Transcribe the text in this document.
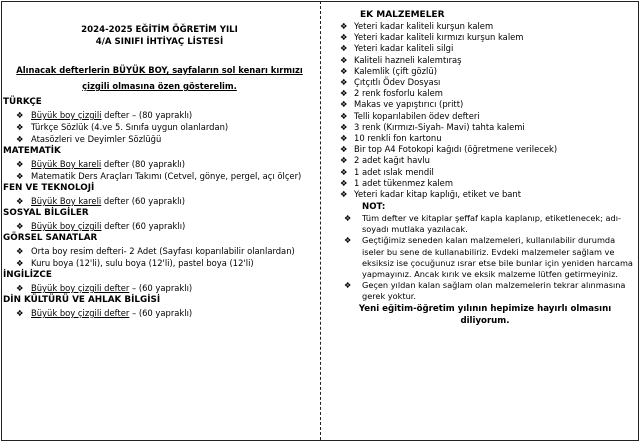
2024-2025 EĞİTİM ÖĞRETİM YILI
4/A SINIFI İHTİYAÇ LİSTESİ
Alınacak defterlerin BÜYÜK BOY, sayfaların sol kenarı kırmızı
çizgili olmasına özen gösterelim.
TÜRKÇE
❖ Büyük boy çizgili defter – (80 yapraklı)
❖ Türkçe Sözlük (4.ve 5. Sınıfa uygun olanlardan)
❖ Atasözleri ve Deyimler Sözlüğü
MATEMATİK
❖ Büyük Boy kareli defter (80 yapraklı)
❖ Matematik Ders Araçları Takımı (Cetvel, gönye, pergel, açı ölçer)
FEN VE TEKNOLOJİ
❖ Büyük Boy kareli defter (60 yapraklı)
SOSYAL BİLGİLER
❖ Büyük boy çizgili defter (60 yapraklı)
GÖRSEL SANATLAR
❖ Orta boy resim defteri- 2 Adet (Sayfası koparılabilir olanlardan)
❖ Kuru boya (12'li), sulu boya (12'li), pastel boya (12'li)
İNGİLİZCE
❖ Büyük boy çizgili defter – (60 yapraklı)
DİN KÜLTÜRÜ VE AHLAK BİLGİSİ
❖ Büyük boy çizgili defter – (60 yapraklı)
EK MALZEMELER
❖ Yeteri kadar kaliteli kurşun kalem
❖ Yeteri kadar kaliteli kırmızı kurşun kalem
❖ Yeteri kadar kaliteli silgi
❖ Kaliteli hazneli kalemtıraş
❖ Kalemlik (çift gözlü)
❖ Çıtçıtlı Ödev Dosyası
❖ 2 renk fosforlu kalem
❖ Makas ve yapıştırıcı (pritt)
❖ Telli koparılabilen ödev defteri
❖ 3 renk (Kırmızı-Siyah- Mavi) tahta kalemi
❖ 10 renkli fon kartonu
❖ Bir top A4 Fotokopi kağıdı (öğretmene verilecek)
❖ 2 adet kağıt havlu
❖ 1 adet ıslak mendil
❖ 1 adet tükenmez kalem
❖ Yeteri kadar kitap kaplığı, etiket ve bant
NOT:
❖ Tüm defter ve kitaplar şeffaf kapla kaplanıp, etiketlenecek; adı- soyadı mutlaka yazılacak.
❖ Geçtiğimiz seneden kalan malzemeleri, kullanılabilir durumda iseler bu sene de kullanabiliriz. Evdeki malzemeler sağlam ve eksiksiz ise çocuğunuz ısrar etse bile bunlar için yeniden harcama yapmayınız. Ancak kırık ve eksik malzeme lütfen getirmeyiniz.
❖ Geçen yıldan kalan sağlam olan malzemelerin tekrar alınmasına gerek yoktur.
Yeni eğitim-öğretim yılının hepimize hayırlı olmasını diliyorum.
